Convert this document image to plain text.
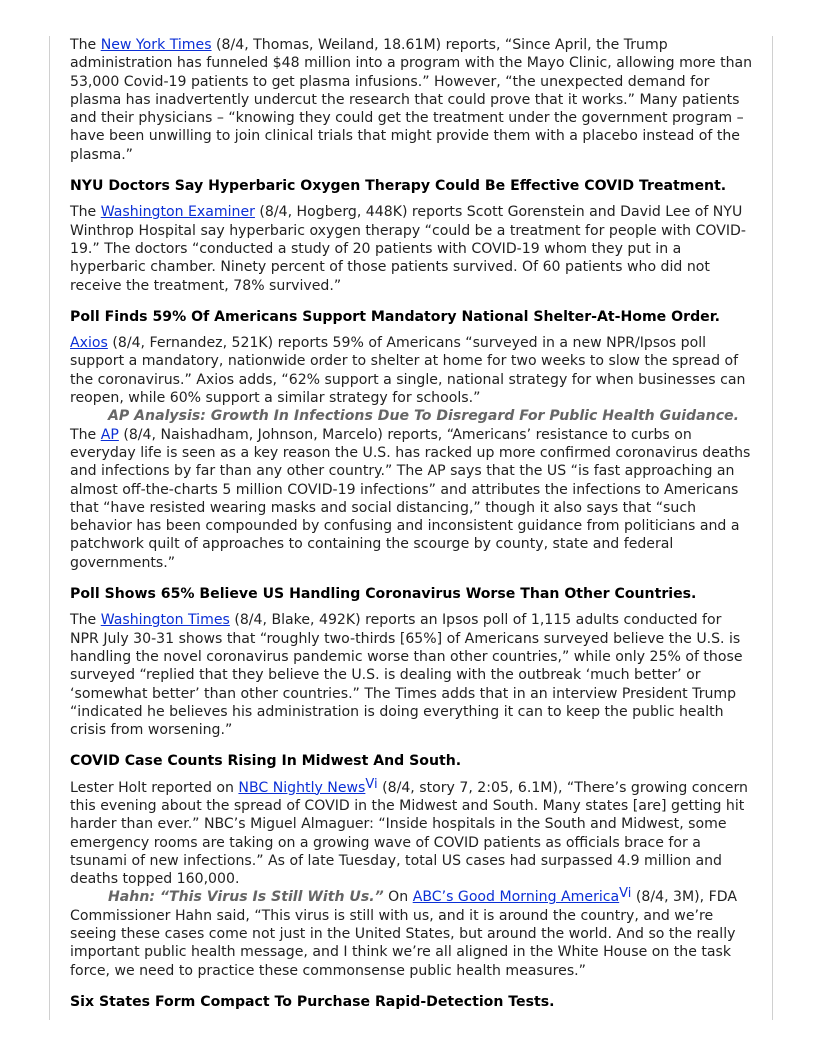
The New York Times (8/4, Thomas, Weiland, 18.61M) reports, “Since April, the Trump administration has funneled $48 million into a program with the Mayo Clinic, allowing more than 53,000 Covid-19 patients to get plasma infusions.” However, “the unexpected demand for plasma has inadvertently undercut the research that could prove that it works.” Many patients and their physicians – “knowing they could get the treatment under the government program – have been unwilling to join clinical trials that might provide them with a placebo instead of the plasma.”

NYU Doctors Say Hyperbaric Oxygen Therapy Could Be Effective COVID Treatment.

The Washington Examiner (8/4, Hogberg, 448K) reports Scott Gorenstein and David Lee of NYU Winthrop Hospital say hyperbaric oxygen therapy “could be a treatment for people with COVID-19.” The doctors “conducted a study of 20 patients with COVID-19 whom they put in a hyperbaric chamber. Ninety percent of those patients survived. Of 60 patients who did not receive the treatment, 78% survived.”

Poll Finds 59% Of Americans Support Mandatory National Shelter-At-Home Order.

Axios (8/4, Fernandez, 521K) reports 59% of Americans “surveyed in a new NPR/Ipsos poll support a mandatory, nationwide order to shelter at home for two weeks to slow the spread of the coronavirus.” Axios adds, “62% support a single, national strategy for when businesses can reopen, while 60% support a similar strategy for schools.”

AP Analysis: Growth In Infections Due To Disregard For Public Health Guidance.
The AP (8/4, Naishadham, Johnson, Marcelo) reports, “Americans’ resistance to curbs on everyday life is seen as a key reason the U.S. has racked up more confirmed coronavirus deaths and infections by far than any other country.” The AP says that the US “is fast approaching an almost off-the-charts 5 million COVID-19 infections” and attributes the infections to Americans that “have resisted wearing masks and social distancing,” though it also says that “such behavior has been compounded by confusing and inconsistent guidance from politicians and a patchwork quilt of approaches to containing the scourge by county, state and federal governments.”

Poll Shows 65% Believe US Handling Coronavirus Worse Than Other Countries.

The Washington Times (8/4, Blake, 492K) reports an Ipsos poll of 1,115 adults conducted for NPR July 30-31 shows that “roughly two-thirds [65%] of Americans surveyed believe the U.S. is handling the novel coronavirus pandemic worse than other countries,” while only 25% of those surveyed “replied that they believe the U.S. is dealing with the outbreak ‘much better’ or ‘somewhat better’ than other countries.” The Times adds that in an interview President Trump “indicated he believes his administration is doing everything it can to keep the public health crisis from worsening.”

COVID Case Counts Rising In Midwest And South.

Lester Holt reported on NBC Nightly NewsVi (8/4, story 7, 2:05, 6.1M), “There’s growing concern this evening about the spread of COVID in the Midwest and South. Many states [are] getting hit harder than ever.” NBC’s Miguel Almaguer: “Inside hospitals in the South and Midwest, some emergency rooms are taking on a growing wave of COVID patients as officials brace for a tsunami of new infections.” As of late Tuesday, total US cases had surpassed 4.9 million and deaths topped 160,000.

Hahn: “This Virus Is Still With Us.” On ABC’s Good Morning AmericaVi (8/4, 3M), FDA Commissioner Hahn said, “This virus is still with us, and it is around the country, and we’re seeing these cases come not just in the United States, but around the world. And so the really important public health message, and I think we’re all aligned in the White House on the task force, we need to practice these commonsense public health measures.”

Six States Form Compact To Purchase Rapid-Detection Tests.
